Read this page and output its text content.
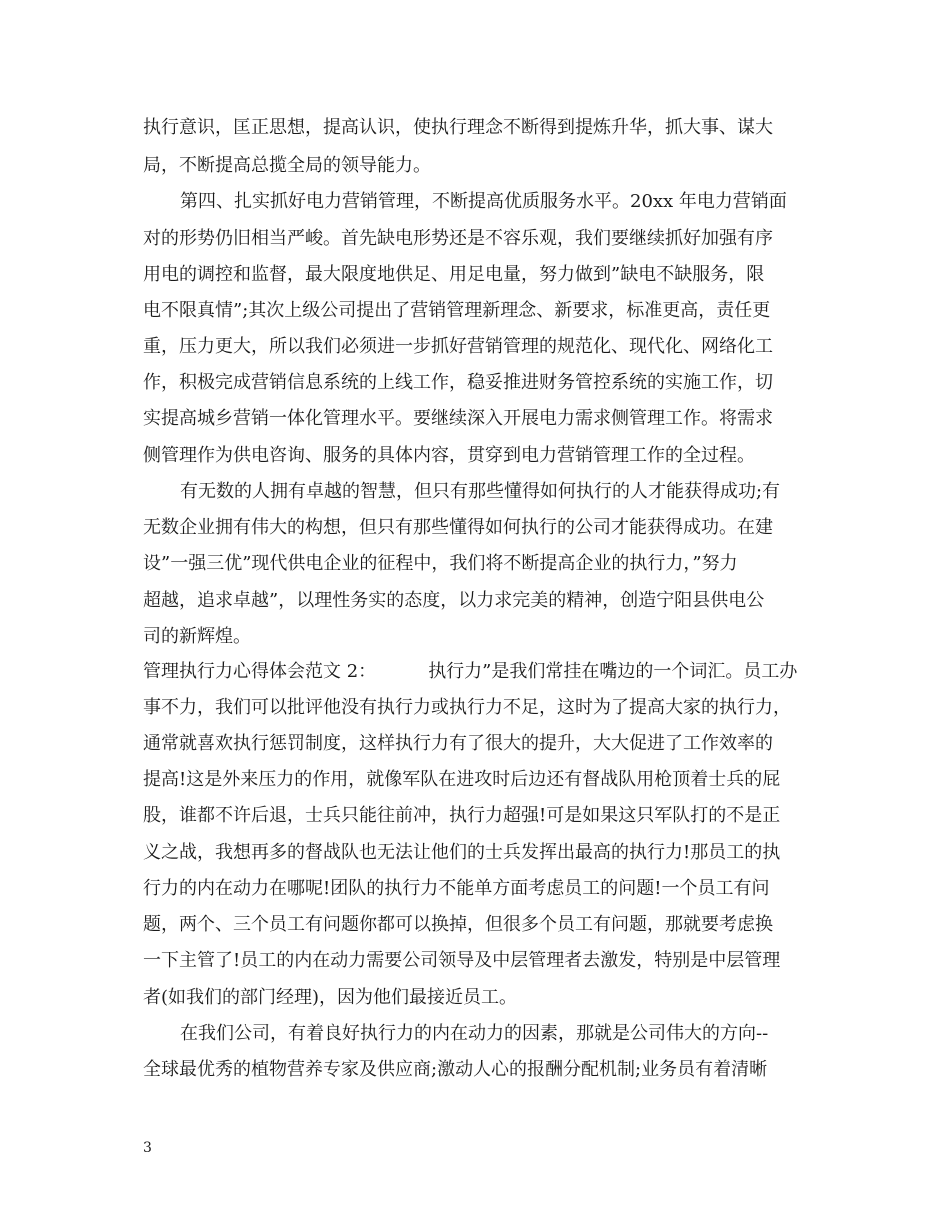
执行意识，匡正思想，提高认识，使执行理念不断得到提炼升华，抓大事、谋大
局，不断提高总揽全局的领导能力。
第四、扎实抓好电力营销管理，不断提高优质服务水平。20xx 年电力营销面
对的形势仍旧相当严峻。首先缺电形势还是不容乐观，我们要继续抓好加强有序
用电的调控和监督，最大限度地供足、用足电量，努力做到”缺电不缺服务，限
电不限真情”;其次上级公司提出了营销管理新理念、新要求，标准更高，责任更
重，压力更大，所以我们必须进一步抓好营销管理的规范化、现代化、网络化工
作，积极完成营销信息系统的上线工作，稳妥推进财务管控系统的实施工作，切
实提高城乡营销一体化管理水平。要继续深入开展电力需求侧管理工作。将需求
侧管理作为供电咨询、服务的具体内容，贯穿到电力营销管理工作的全过程。
有无数的人拥有卓越的智慧，但只有那些懂得如何执行的人才能获得成功;有
无数企业拥有伟大的构想，但只有那些懂得如何执行的公司才能获得成功。在建
设”一强三优”现代供电企业的征程中，我们将不断提高企业的执行力，”努力
超越，追求卓越”，以理性务实的态度，以力求完美的精神，创造宁阳县供电公
司的新辉煌。
管理执行力心得体会范文 2：	执行力”是我们常挂在嘴边的一个词汇。员工办
事不力，我们可以批评他没有执行力或执行力不足，这时为了提高大家的执行力，
通常就喜欢执行惩罚制度，这样执行力有了很大的提升，大大促进了工作效率的
提高!这是外来压力的作用，就像军队在进攻时后边还有督战队用枪顶着士兵的屁
股，谁都不许后退，士兵只能往前冲，执行力超强!可是如果这只军队打的不是正
义之战，我想再多的督战队也无法让他们的士兵发挥出最高的执行力!那员工的执
行力的内在动力在哪呢!团队的执行力不能单方面考虑员工的问题!一个员工有问
题，两个、三个员工有问题你都可以换掉，但很多个员工有问题，那就要考虑换
一下主管了!员工的内在动力需要公司领导及中层管理者去激发，特别是中层管理
者(如我们的部门经理)，因为他们最接近员工。
在我们公司，有着良好执行力的内在动力的因素，那就是公司伟大的方向--
全球最优秀的植物营养专家及供应商;激动人心的报酬分配机制;业务员有着清晰
3
